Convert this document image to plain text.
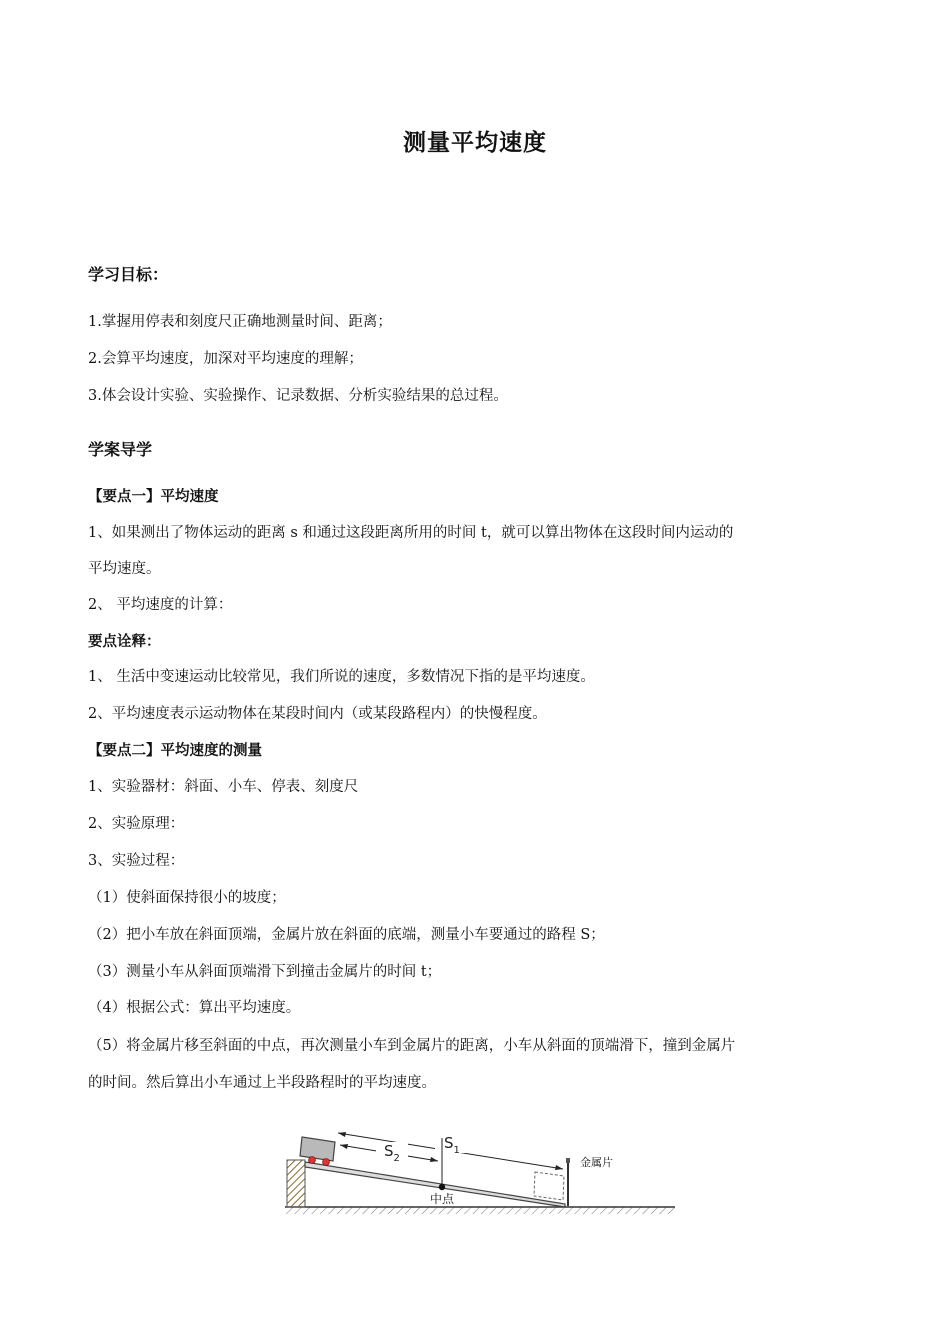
测量平均速度
学习目标：
1.掌握用停表和刻度尺正确地测量时间、距离；
2.会算平均速度，加深对平均速度的理解；
3.体会设计实验、实验操作、记录数据、分析实验结果的总过程。
学案导学
【要点一】平均速度
1、如果测出了物体运动的距离 s 和通过这段距离所用的时间 t，就可以算出物体在这段时间内运动的
平均速度。
2、 平均速度的计算：
要点诠释：
1、 生活中变速运动比较常见，我们所说的速度，多数情况下指的是平均速度。
2、平均速度表示运动物体在某段时间内（或某段路程内）的快慢程度。
【要点二】平均速度的测量
1、实验器材：斜面、小车、停表、刻度尺
2、实验原理：
3、实验过程：
（1）使斜面保持很小的坡度；
（2）把小车放在斜面顶端，金属片放在斜面的底端，测量小车要通过的路程 S；
（3）测量小车从斜面顶端滑下到撞击金属片的时间 t；
（4）根据公式：算出平均速度。
（5）将金属片移至斜面的中点，再次测量小车到金属片的距离，小车从斜面的顶端滑下，撞到金属片
的时间。然后算出小车通过上半段路程时的平均速度。
$S_1$
$S_2$
中点
金属片
